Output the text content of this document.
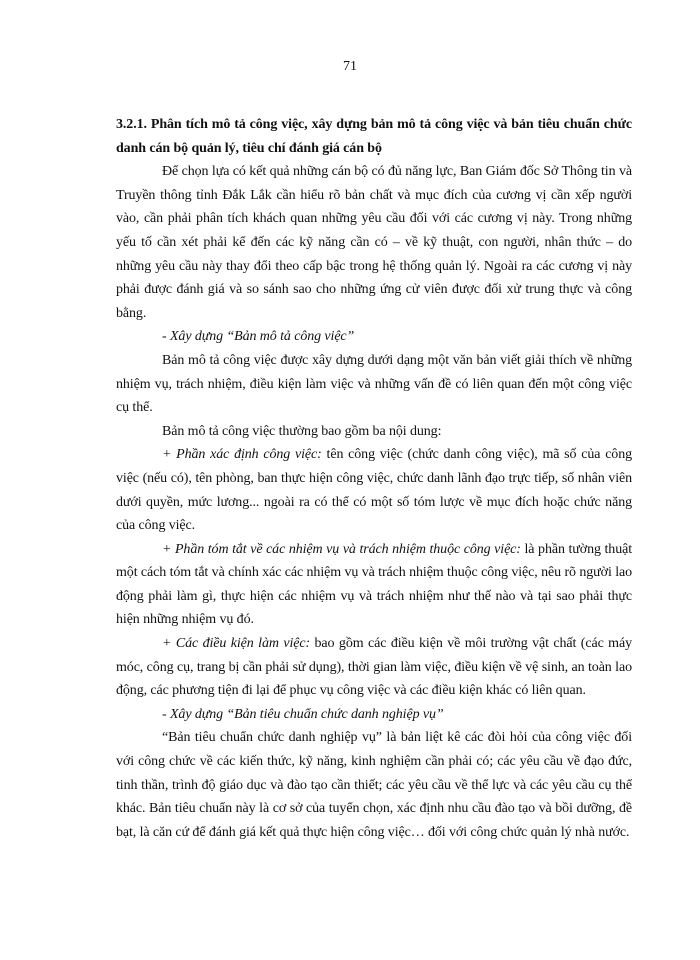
71

3.2.1. Phân tích mô tả công việc, xây dựng bản mô tả công việc và bản tiêu chuẩn chức danh cán bộ quản lý, tiêu chí đánh giá cán bộ

Để chọn lựa có kết quả những cán bộ có đủ năng lực, Ban Giám đốc Sở Thông tin và Truyền thông tỉnh Đắk Lắk cần hiểu rõ bản chất và mục đích của cương vị cần xếp người vào, cần phải phân tích khách quan những yêu cầu đối với các cương vị này. Trong những yếu tố cần xét phải kể đến các kỹ năng cần có – về kỹ thuật, con người, nhân thức – do những yêu cầu này thay đổi theo cấp bậc trong hệ thống quản lý. Ngoài ra các cương vị này phải được đánh giá và so sánh sao cho những ứng cử viên được đối xử trung thực và công bằng.

- Xây dựng “Bản mô tả công việc”

Bản mô tả công việc được xây dựng dưới dạng một văn bản viết giải thích về những nhiệm vụ, trách nhiệm, điều kiện làm việc và những vấn đề có liên quan đến một công việc cụ thể.

Bản mô tả công việc thường bao gồm ba nội dung:

+ Phần xác định công việc: tên công việc (chức danh công việc), mã số của công việc (nếu có), tên phòng, ban thực hiện công việc, chức danh lãnh đạo trực tiếp, số nhân viên dưới quyền, mức lương... ngoài ra có thể có một số tóm lược về mục đích hoặc chức năng của công việc.

+ Phần tóm tắt về các nhiệm vụ và trách nhiệm thuộc công việc: là phần tường thuật một cách tóm tắt và chính xác các nhiệm vụ và trách nhiệm thuộc công việc, nêu rõ người lao động phải làm gì, thực hiện các nhiệm vụ và trách nhiệm như thế nào và tại sao phải thực hiện những nhiệm vụ đó.

+ Các điều kiện làm việc: bao gồm các điều kiện về môi trường vật chất (các máy móc, công cụ, trang bị cần phải sử dụng), thời gian làm việc, điều kiện về vệ sinh, an toàn lao động, các phương tiện đi lại để phục vụ công việc và các điều kiện khác có liên quan.

- Xây dựng “Bản tiêu chuẩn chức danh nghiệp vụ”

“Bản tiêu chuẩn chức danh nghiệp vụ” là bản liệt kê các đòi hỏi của công việc đối với công chức về các kiến thức, kỹ năng, kinh nghiệm cần phải có; các yêu cầu về đạo đức, tinh thần, trình độ giáo dục và đào tạo cần thiết; các yêu cầu về thể lực và các yêu cầu cụ thể khác. Bản tiêu chuẩn này là cơ sở của tuyển chọn, xác định nhu cầu đào tạo và bồi dưỡng, đề bạt, là căn cứ để đánh giá kết quả thực hiện công việc… đối với công chức quản lý nhà nước.
